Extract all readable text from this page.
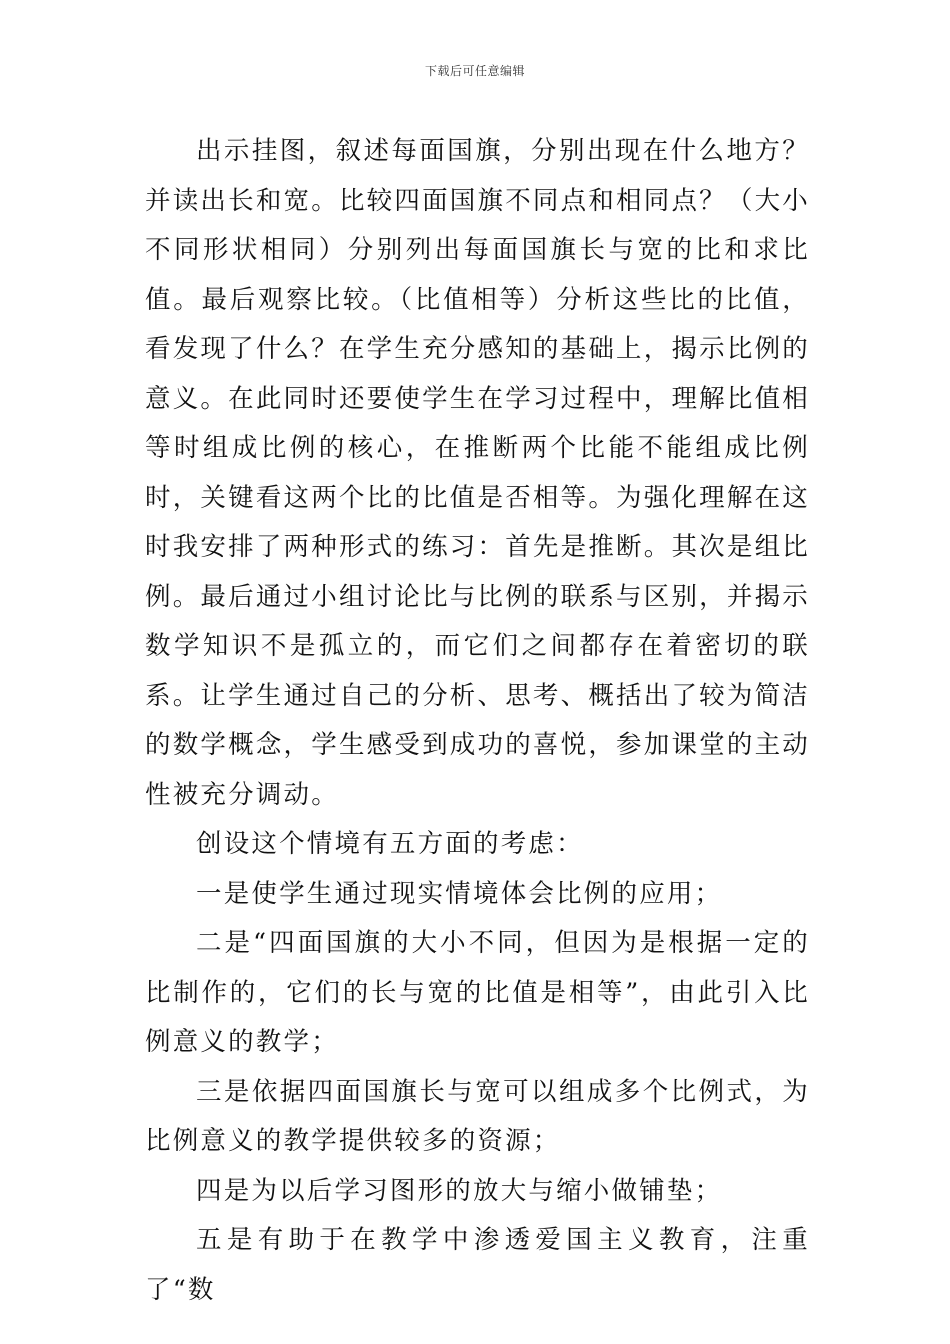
下载后可任意编辑

出示挂图，叙述每面国旗，分别出现在什么地方？并读出长和宽。比较四面国旗不同点和相同点？（大小不同形状相同）分别列出每面国旗长与宽的比和求比值。最后观察比较。（比值相等）分析这些比的比值，看发现了什么？在学生充分感知的基础上，揭示比例的意义。在此同时还要使学生在学习过程中，理解比值相等时组成比例的核心，在推断两个比能不能组成比例时，关键看这两个比的比值是否相等。为强化理解在这时我安排了两种形式的练习：首先是推断。其次是组比例。最后通过小组讨论比与比例的联系与区别，并揭示数学知识不是孤立的，而它们之间都存在着密切的联系。让学生通过自己的分析、思考、概括出了较为简洁的数学概念，学生感受到成功的喜悦，参加课堂的主动性被充分调动。

创设这个情境有五方面的考虑：

一是使学生通过现实情境体会比例的应用；

二是“四面国旗的大小不同，但因为是根据一定的比制作的，它们的长与宽的比值是相等”，由此引入比例意义的教学；

三是依据四面国旗长与宽可以组成多个比例式，为比例意义的教学提供较多的资源；

四是为以后学习图形的放大与缩小做铺垫；

五是有助于在教学中渗透爱国主义教育，注重了“数
